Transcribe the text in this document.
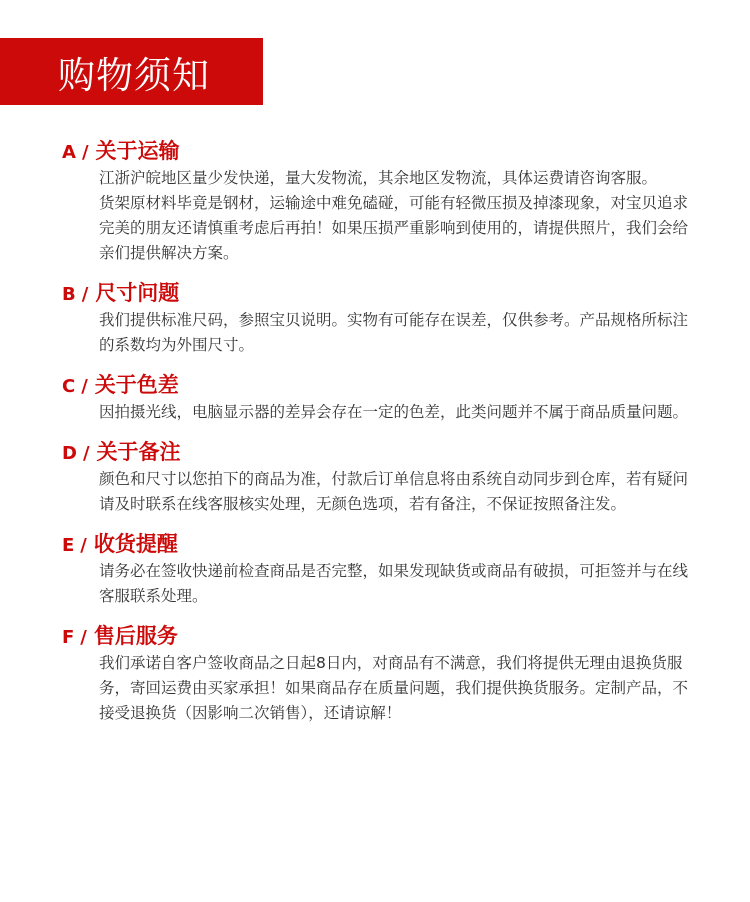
购物须知
A / 关于运输

江浙沪皖地区量少发快递，量大发物流，其余地区发物流，具体运费请咨询客服。

货架原材料毕竟是钢材，运输途中难免磕碰，可能有轻微压损及掉漆现象，对宝贝追求完美的朋友还请慎重考虑后再拍！如果压损严重影响到使用的，请提供照片，我们会给亲们提供解决方案。

B / 尺寸问题

我们提供标准尺码，参照宝贝说明。实物有可能存在误差，仅供参考。产品规格所标注的系数均为外围尺寸。

C / 关于色差

因拍摄光线，电脑显示器的差异会存在一定的色差，此类问题并不属于商品质量问题。

D / 关于备注

颜色和尺寸以您拍下的商品为准，付款后订单信息将由系统自动同步到仓库，若有疑问请及时联系在线客服核实处理，无颜色选项，若有备注，不保证按照备注发。

E / 收货提醒

请务必在签收快递前检查商品是否完整，如果发现缺货或商品有破损，可拒签并与在线客服联系处理。

F / 售后服务

我们承诺自客户签收商品之日起8日内，对商品有不满意，我们将提供无理由退换货服务，寄回运费由买家承担！如果商品存在质量问题，我们提供换货服务。定制产品，不接受退换货（因影响二次销售），还请谅解！
